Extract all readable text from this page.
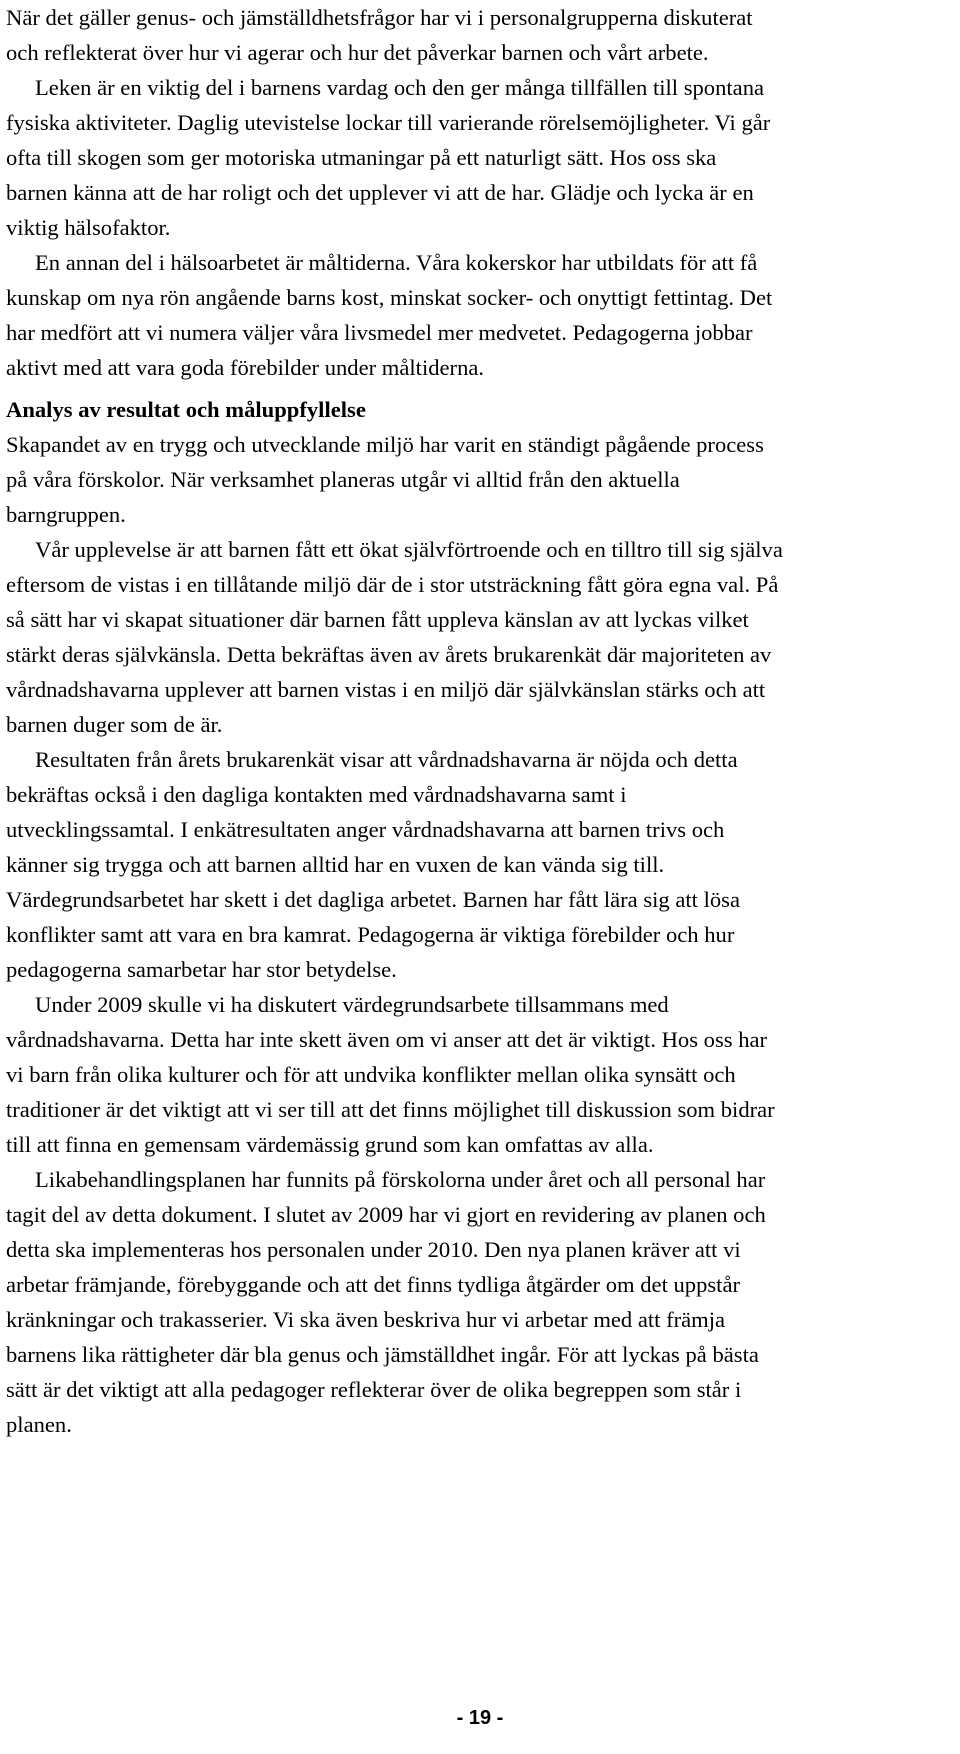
När det gäller genus- och jämställdhetsfrågor har vi i personalgrupperna diskuterat
och reflekterat över hur vi agerar och hur det påverkar barnen och vårt arbete.
Leken är en viktig del i barnens vardag och den ger många tillfällen till spontana
fysiska aktiviteter. Daglig utevistelse lockar till varierande rörelsemöjligheter. Vi går
ofta till skogen som ger motoriska utmaningar på ett naturligt sätt. Hos oss ska
barnen känna att de har roligt och det upplever vi att de har. Glädje och lycka är en
viktig hälsofaktor.
En annan del i hälsoarbetet är måltiderna. Våra kokerskor har utbildats för att få
kunskap om nya rön angående barns kost, minskat socker- och onyttigt fettintag. Det
har medfört att vi numera väljer våra livsmedel mer medvetet. Pedagogerna jobbar
aktivt med att vara goda förebilder under måltiderna.
Analys av resultat och måluppfyllelse
Skapandet av en trygg och utvecklande miljö har varit en ständigt pågående process
på våra förskolor. När verksamhet planeras utgår vi alltid från den aktuella
barngruppen.
Vår upplevelse är att barnen fått ett ökat självförtroende och en tilltro till sig själva
eftersom de vistas i en tillåtande miljö där de i stor utsträckning fått göra egna val. På
så sätt har vi skapat situationer där barnen fått uppleva känslan av att lyckas vilket
stärkt deras självkänsla. Detta bekräftas även av årets brukarenkät där majoriteten av
vårdnadshavarna upplever att barnen vistas i en miljö där självkänslan stärks och att
barnen duger som de är.
Resultaten från årets brukarenkät visar att vårdnadshavarna är nöjda och detta
bekräftas också i den dagliga kontakten med vårdnadshavarna samt i
utvecklingssamtal. I enkätresultaten anger vårdnadshavarna att barnen trivs och
känner sig trygga och att barnen alltid har en vuxen de kan vända sig till.
Värdegrundsarbetet har skett i det dagliga arbetet. Barnen har fått lära sig att lösa
konflikter samt att vara en bra kamrat. Pedagogerna är viktiga förebilder och hur
pedagogerna samarbetar har stor betydelse.
Under 2009 skulle vi ha diskutert värdegrundsarbete tillsammans med
vårdnadshavarna. Detta har inte skett även om vi anser att det är viktigt. Hos oss har
vi barn från olika kulturer och för att undvika konflikter mellan olika synsätt och
traditioner är det viktigt att vi ser till att det finns möjlighet till diskussion som bidrar
till att finna en gemensam värdemässig grund som kan omfattas av alla.
Likabehandlingsplanen har funnits på förskolorna under året och all personal har
tagit del av detta dokument. I slutet av 2009 har vi gjort en revidering av planen och
detta ska implementeras hos personalen under 2010. Den nya planen kräver att vi
arbetar främjande, förebyggande och att det finns tydliga åtgärder om det uppstår
kränkningar och trakasserier. Vi ska även beskriva hur vi arbetar med att främja
barnens lika rättigheter där bla genus och jämställdhet ingår. För att lyckas på bästa
sätt är det viktigt att alla pedagoger reflekterar över de olika begreppen som står i
planen.
- 19 -
